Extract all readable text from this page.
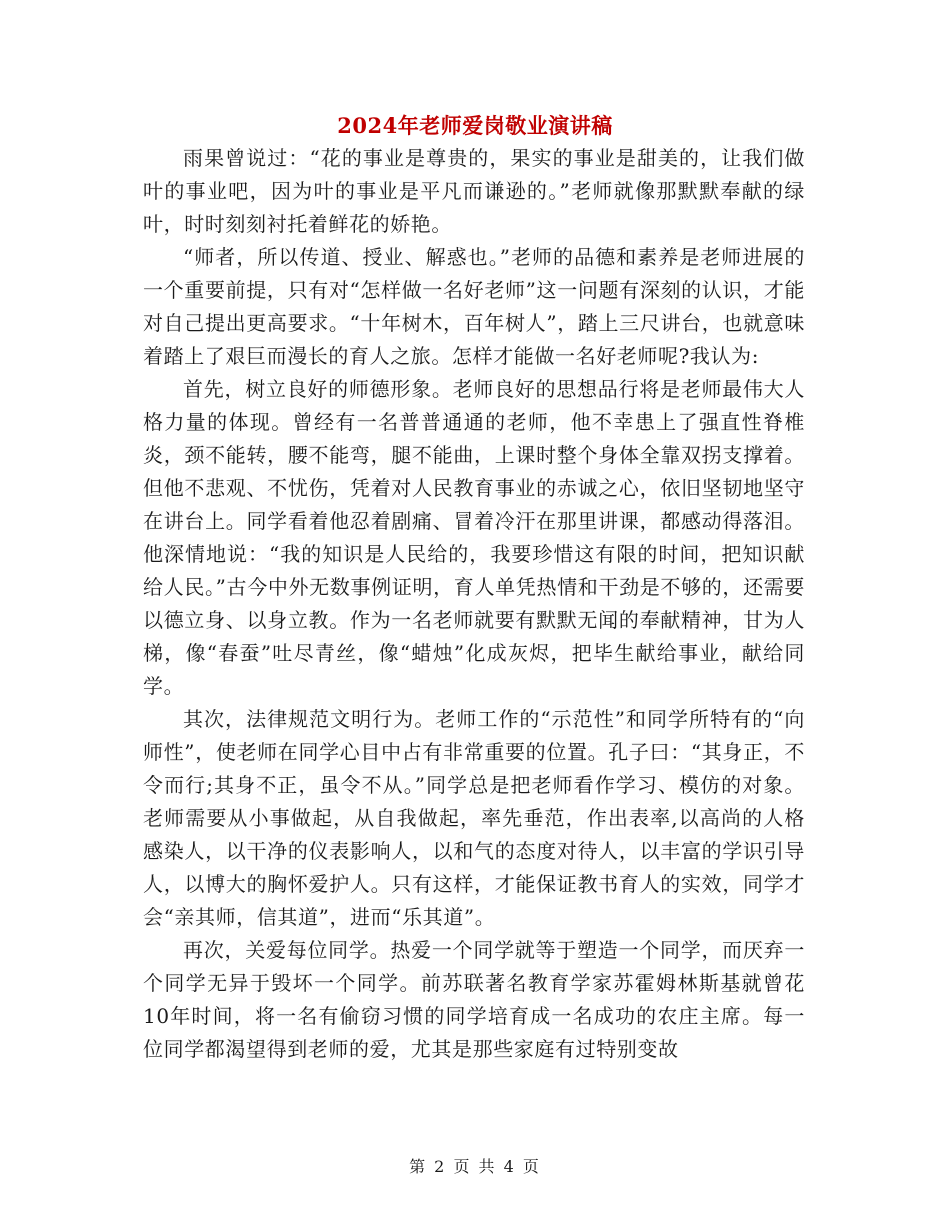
2024年老师爱岗敬业演讲稿

雨果曾说过：“花的事业是尊贵的，果实的事业是甜美的，让我们做叶的事业吧，因为叶的事业是平凡而谦逊的。”老师就像那默默奉献的绿叶，时时刻刻衬托着鲜花的娇艳。

“师者，所以传道、授业、解惑也。”老师的品德和素养是老师进展的一个重要前提，只有对“怎样做一名好老师”这一问题有深刻的认识，才能对自己提出更高要求。“十年树木，百年树人”，踏上三尺讲台，也就意味着踏上了艰巨而漫长的育人之旅。怎样才能做一名好老师呢?我认为:

首先，树立良好的师德形象。老师良好的思想品行将是老师最伟大人格力量的体现。曾经有一名普普通通的老师，他不幸患上了强直性脊椎炎，颈不能转，腰不能弯，腿不能曲，上课时整个身体全靠双拐支撑着。但他不悲观、不忧伤，凭着对人民教育事业的赤诚之心，依旧坚韧地坚守在讲台上。同学看着他忍着剧痛、冒着冷汗在那里讲课，都感动得落泪。他深情地说：“我的知识是人民给的，我要珍惜这有限的时间，把知识献给人民。”古今中外无数事例证明，育人单凭热情和干劲是不够的，还需要以德立身、以身立教。作为一名老师就要有默默无闻的奉献精神，甘为人梯，像“春蚕”吐尽青丝，像“蜡烛”化成灰烬，把毕生献给事业，献给同学。

其次，法律规范文明行为。老师工作的“示范性”和同学所特有的“向师性”，使老师在同学心目中占有非常重要的位置。孔子曰：“其身正，不令而行;其身不正，虽令不从。”同学总是把老师看作学习、模仿的对象。老师需要从小事做起，从自我做起，率先垂范，作出表率,以高尚的人格感染人，以干净的仪表影响人，以和气的态度对待人，以丰富的学识引导人，以博大的胸怀爱护人。只有这样，才能保证教书育人的实效，同学才会“亲其师，信其道”，进而“乐其道”。

再次，关爱每位同学。热爱一个同学就等于塑造一个同学，而厌弃一个同学无异于毁坏一个同学。前苏联著名教育学家苏霍姆林斯基就曾花10年时间，将一名有偷窃习惯的同学培育成一名成功的农庄主席。每一位同学都渴望得到老师的爱，尤其是那些家庭有过特别变故

第 2 页 共 4 页
